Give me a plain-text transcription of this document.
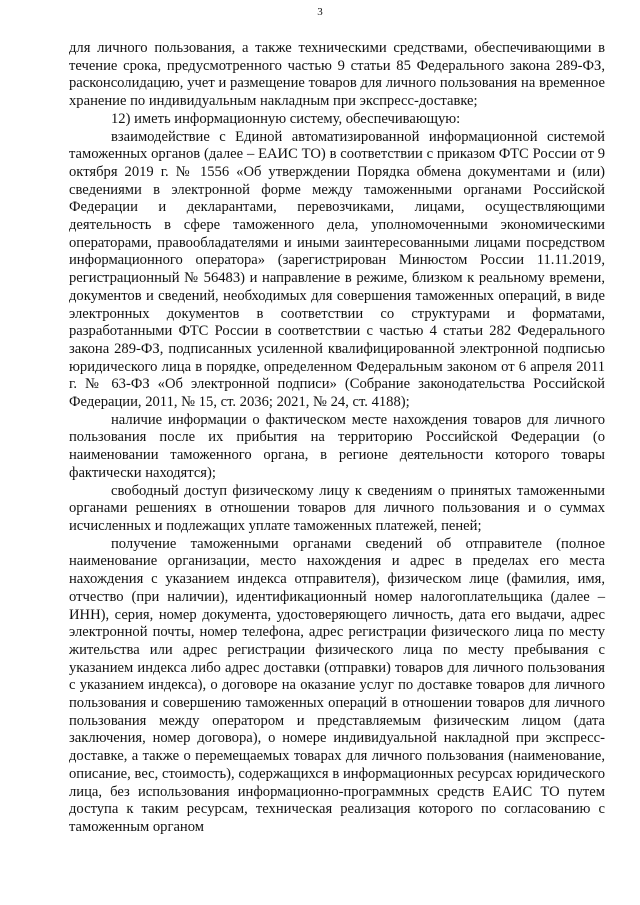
3

для личного пользования, а также техническими средствами, обеспечивающими в течение срока, предусмотренного частью 9 статьи 85 Федерального закона 289-ФЗ, расконсолидацию, учет и размещение товаров для личного пользования на временное хранение по индивидуальным накладным при экспресс-доставке;

12) иметь информационную систему, обеспечивающую:

взаимодействие с Единой автоматизированной информационной системой таможенных органов (далее – ЕАИС ТО) в соответствии с приказом ФТС России от 9 октября 2019 г. № 1556 «Об утверждении Порядка обмена документами и (или) сведениями в электронной форме между таможенными органами Российской Федерации и декларантами, перевозчиками, лицами, осуществляющими деятельность в сфере таможенного дела, уполномоченными экономическими операторами, правообладателями и иными заинтересованными лицами посредством информационного оператора» (зарегистрирован Минюстом России 11.11.2019, регистрационный № 56483) и направление в режиме, близком к реальному времени, документов и сведений, необходимых для совершения таможенных операций, в виде электронных документов в соответствии со структурами и форматами, разработанными ФТС России в соответствии с частью 4 статьи 282 Федерального закона 289-ФЗ, подписанных усиленной квалифицированной электронной подписью юридического лица в порядке, определенном Федеральным законом от 6 апреля 2011 г. № 63-ФЗ «Об электронной подписи» (Собрание законодательства Российской Федерации, 2011, № 15, ст. 2036; 2021, № 24, ст. 4188);

наличие информации о фактическом месте нахождения товаров для личного пользования после их прибытия на территорию Российской Федерации (о наименовании таможенного органа, в регионе деятельности которого товары фактически находятся);

свободный доступ физическому лицу к сведениям о принятых таможенными органами решениях в отношении товаров для личного пользования и о суммах исчисленных и подлежащих уплате таможенных платежей, пеней;

получение таможенными органами сведений об отправителе (полное наименование организации, место нахождения и адрес в пределах его места нахождения с указанием индекса отправителя), физическом лице (фамилия, имя, отчество (при наличии), идентификационный номер налогоплательщика (далее – ИНН), серия, номер документа, удостоверяющего личность, дата его выдачи, адрес электронной почты, номер телефона, адрес регистрации физического лица по месту жительства или адрес регистрации физического лица по месту пребывания с указанием индекса либо адрес доставки (отправки) товаров для личного пользования с указанием индекса), о договоре на оказание услуг по доставке товаров для личного пользования и совершению таможенных операций в отношении товаров для личного пользования между оператором и представляемым физическим лицом (дата заключения, номер договора), о номере индивидуальной накладной при экспресс-доставке, а также о перемещаемых товарах для личного пользования (наименование, описание, вес, стоимость), содержащихся в информационных ресурсах юридического лица, без использования информационно-программных средств ЕАИС ТО путем доступа к таким ресурсам, техническая реализация которого по согласованию с таможенным органом
